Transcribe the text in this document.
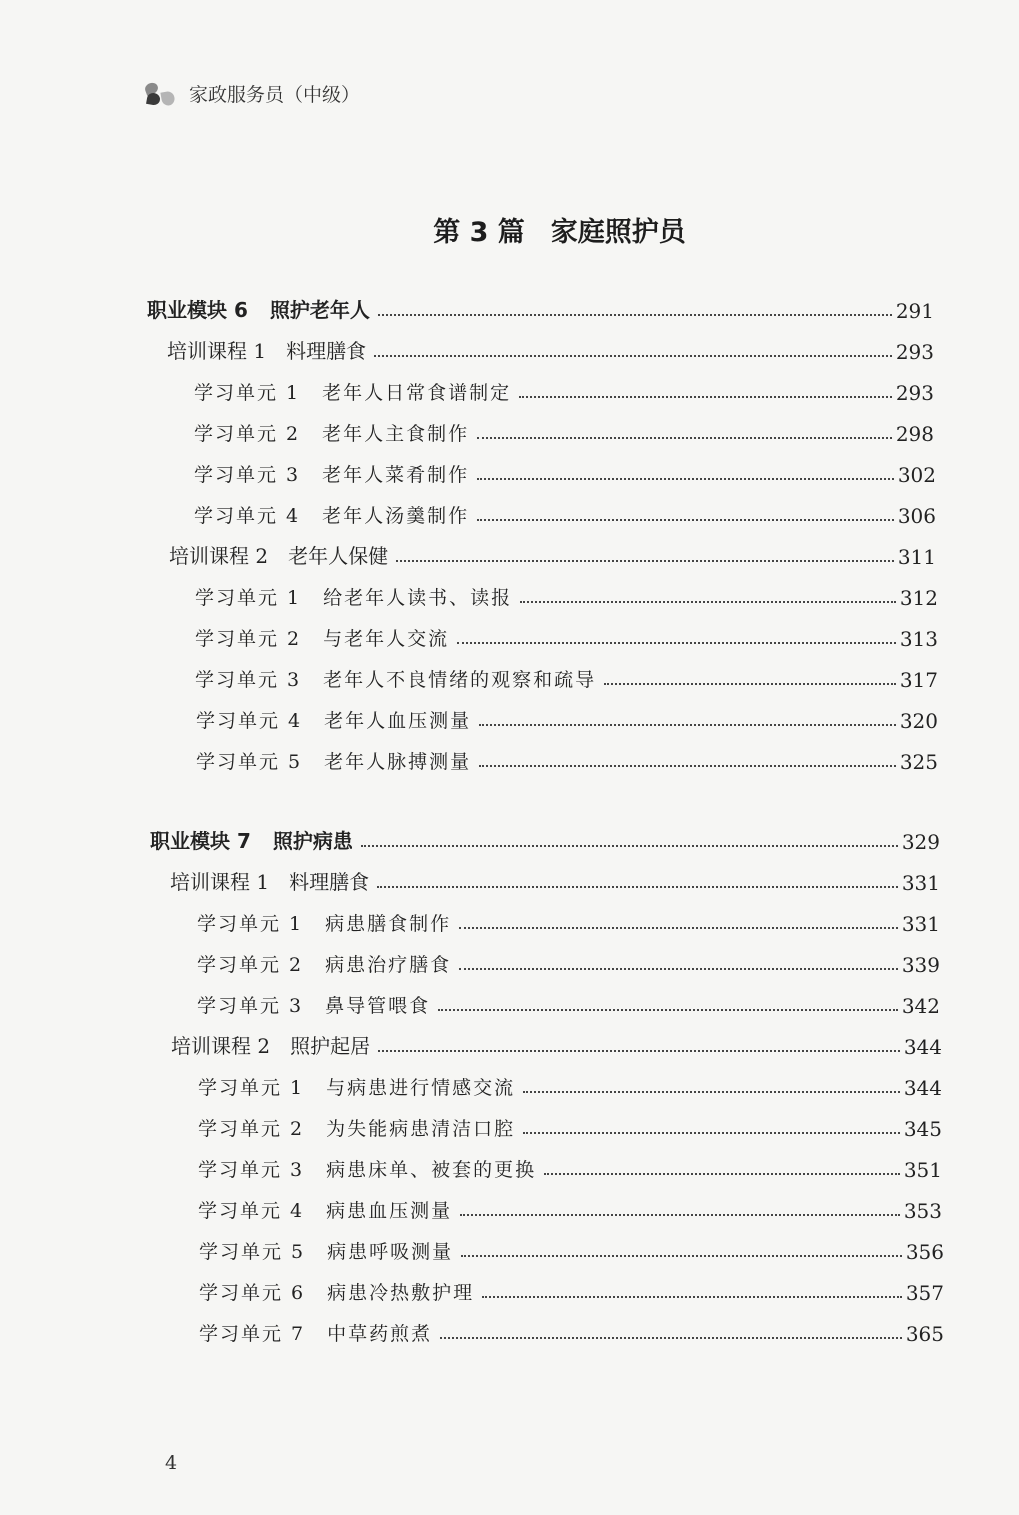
家政服务员（中级）
第 3 篇 家庭照护员
职业模块 6 照护老年人	291
培训课程 1 料理膳食	293
学习单元 1 老年人日常食谱制定	293
学习单元 2 老年人主食制作	298
学习单元 3 老年人菜肴制作	302
学习单元 4 老年人汤羹制作	306
培训课程 2 老年人保健	311
学习单元 1 给老年人读书、读报	312
学习单元 2 与老年人交流	313
学习单元 3 老年人不良情绪的观察和疏导	317
学习单元 4 老年人血压测量	320
学习单元 5 老年人脉搏测量	325
职业模块 7 照护病患	329
培训课程 1 料理膳食	331
学习单元 1 病患膳食制作	331
学习单元 2 病患治疗膳食	339
学习单元 3 鼻导管喂食	342
培训课程 2 照护起居	344
学习单元 1 与病患进行情感交流	344
学习单元 2 为失能病患清洁口腔	345
学习单元 3 病患床单、被套的更换	351
学习单元 4 病患血压测量	353
学习单元 5 病患呼吸测量	356
学习单元 6 病患冷热敷护理	357
学习单元 7 中草药煎煮	365
4
